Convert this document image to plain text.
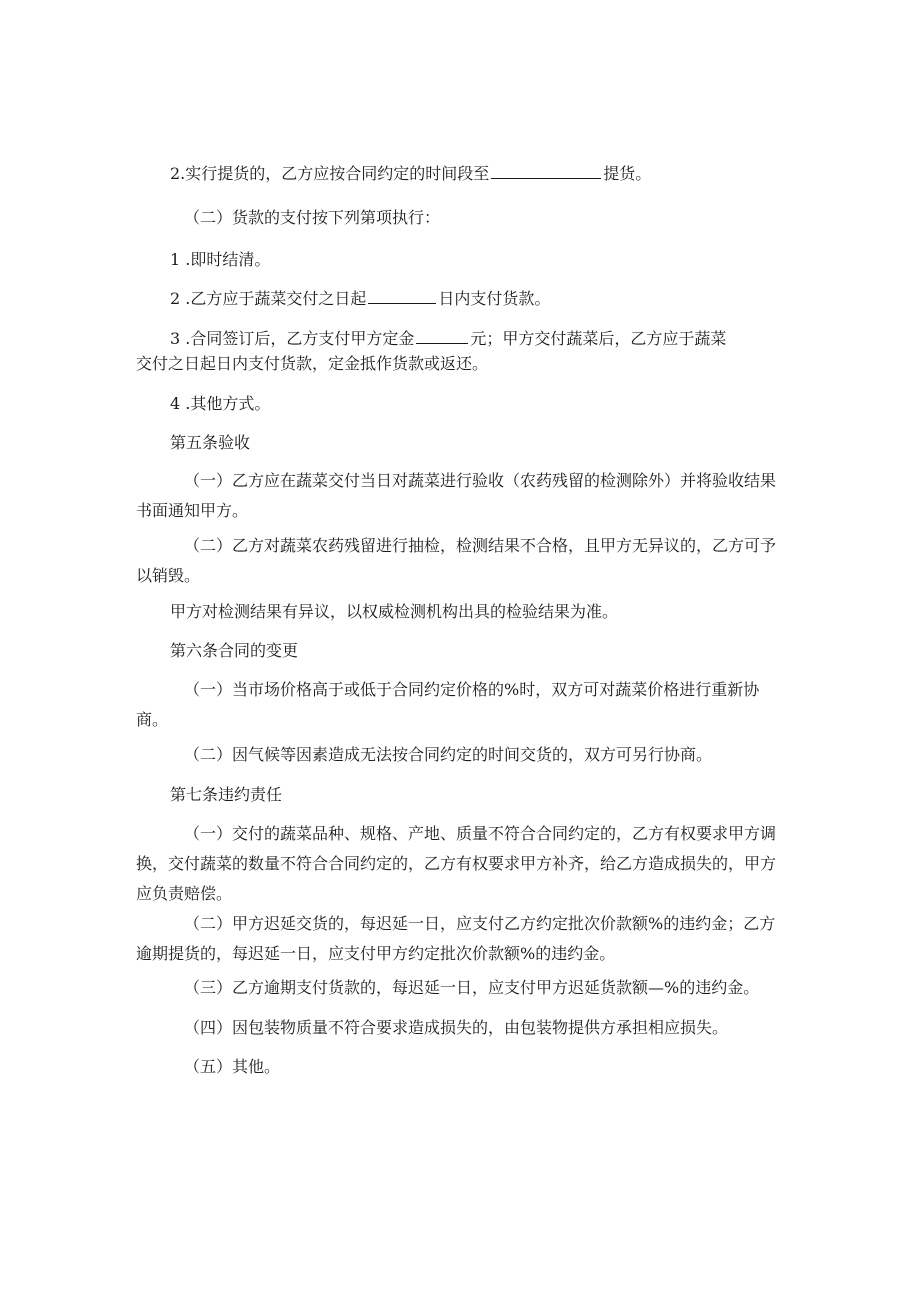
2.实行提货的，乙方应按合同约定的时间段至	提货。
（二）货款的支付按下列第项执行：
1 .即时结清。
2 .乙方应于蔬菜交付之日起	日内支付货款。
3 .合同签订后，乙方支付甲方定金	元；甲方交付蔬菜后，乙方应于蔬菜
交付之日起日内支付货款，定金抵作货款或返还。
4 .其他方式。
第五条验收
（一）乙方应在蔬菜交付当日对蔬菜进行验收（农药残留的检测除外）并将验收结果书面通知甲方。
（二）乙方对蔬菜农药残留进行抽检，检测结果不合格，且甲方无异议的，乙方可予以销毁。
甲方对检测结果有异议，以权威检测机构出具的检验结果为准。
第六条合同的变更
（一）当市场价格高于或低于合同约定价格的%时，双方可对蔬菜价格进行重新协商。
（二）因气候等因素造成无法按合同约定的时间交货的，双方可另行协商。
第七条违约责任
（一）交付的蔬菜品种、规格、产地、质量不符合合同约定的，乙方有权要求甲方调换，交付蔬菜的数量不符合合同约定的，乙方有权要求甲方补齐，给乙方造成损失的，甲方应负责赔偿。
（二）甲方迟延交货的，每迟延一日，应支付乙方约定批次价款额%的违约金；乙方逾期提货的，每迟延一日，应支付甲方约定批次价款额%的违约金。
（三）乙方逾期支付货款的，每迟延一日，应支付甲方迟延货款额—%的违约金。
（四）因包装物质量不符合要求造成损失的，由包装物提供方承担相应损失。
（五）其他。
